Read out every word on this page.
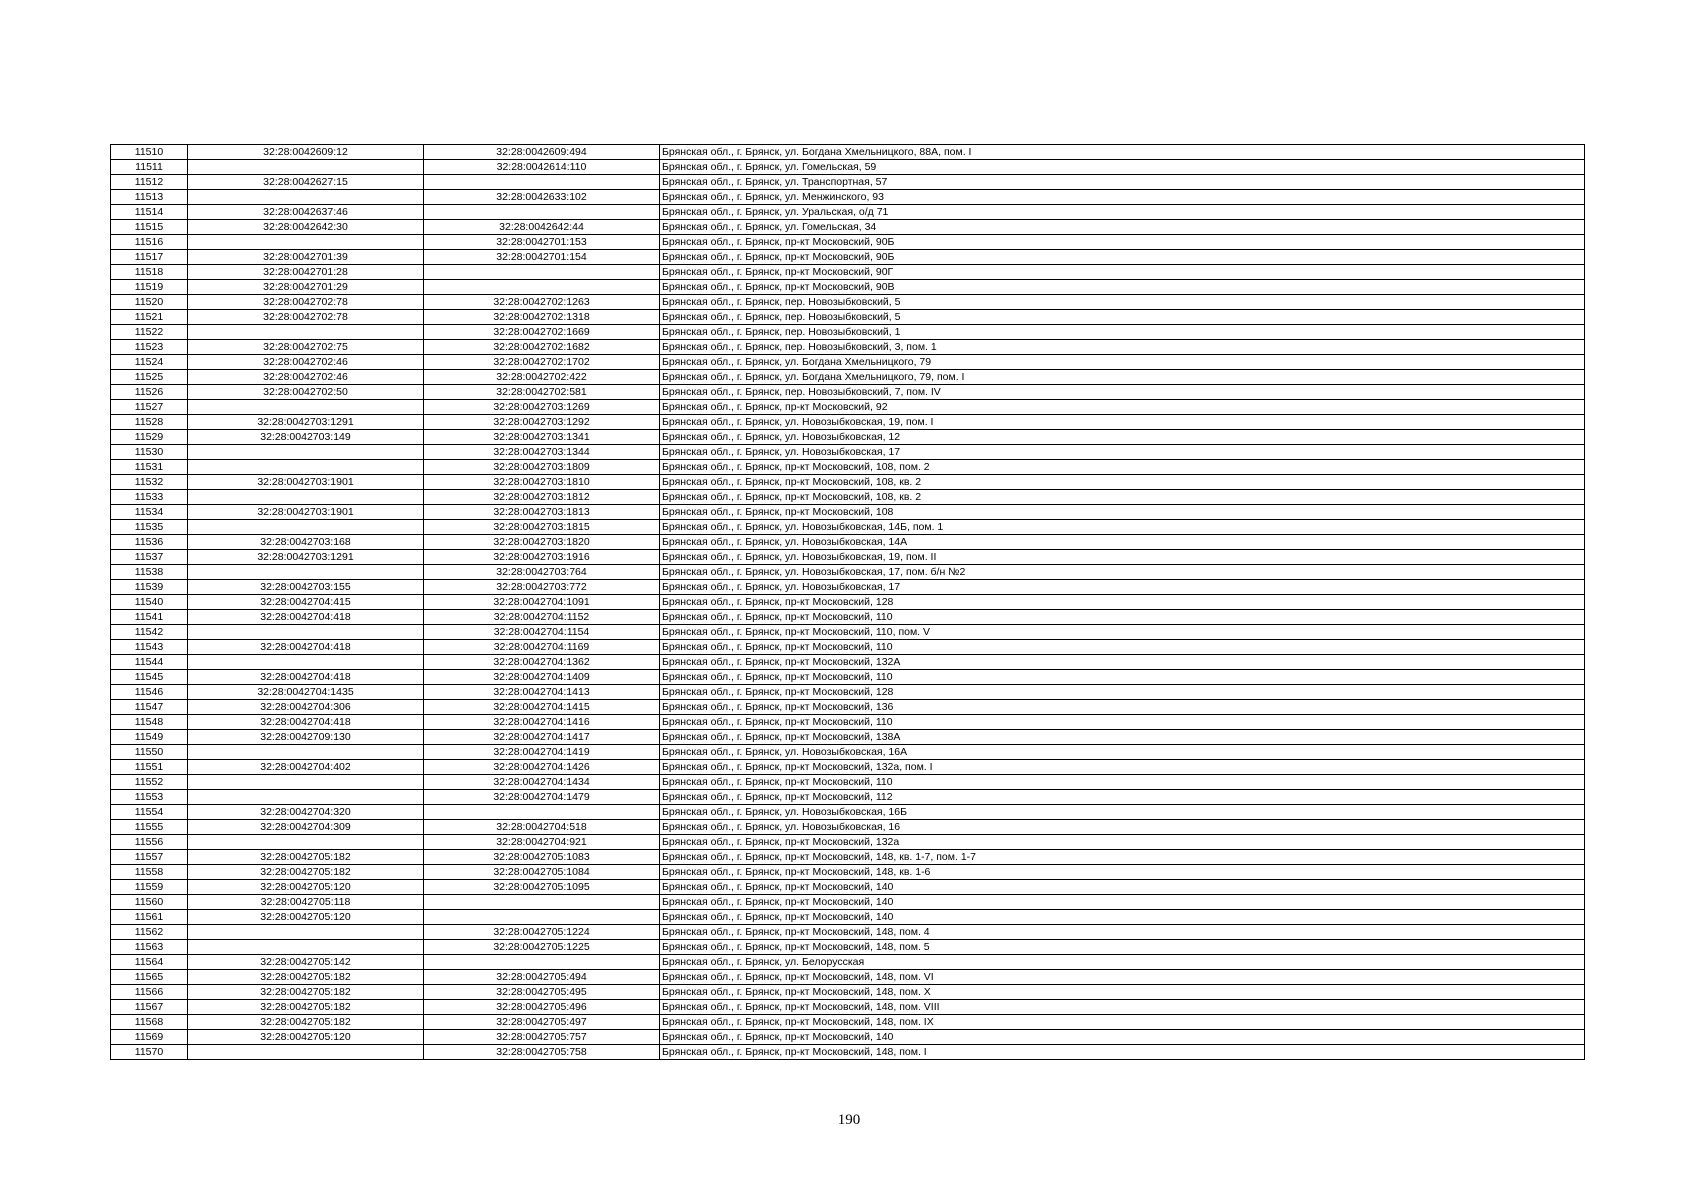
11510	32:28:0042609:12	32:28:0042609:494	Брянская обл., г. Брянск, ул. Богдана Хмельницкого, 88А, пом. I
11511		32:28:0042614:110	Брянская обл., г. Брянск, ул. Гомельская, 59
11512	32:28:0042627:15		Брянская обл., г. Брянск, ул. Транспортная, 57
11513		32:28:0042633:102	Брянская обл., г. Брянск, ул. Менжинского, 93
11514	32:28:0042637:46		Брянская обл., г. Брянск, ул. Уральская, о/д 71
11515	32:28:0042642:30	32:28:0042642:44	Брянская обл., г. Брянск, ул. Гомельская, 34
11516		32:28:0042701:153	Брянская обл., г. Брянск, пр-кт Московский, 90Б
11517	32:28:0042701:39	32:28:0042701:154	Брянская обл., г. Брянск, пр-кт Московский, 90Б
11518	32:28:0042701:28		Брянская обл., г. Брянск, пр-кт Московский, 90Г
11519	32:28:0042701:29		Брянская обл., г. Брянск, пр-кт Московский, 90В
11520	32:28:0042702:78	32:28:0042702:1263	Брянская обл., г. Брянск, пер. Новозыбковский, 5
11521	32:28:0042702:78	32:28:0042702:1318	Брянская обл., г. Брянск, пер. Новозыбковский, 5
11522		32:28:0042702:1669	Брянская обл., г. Брянск, пер. Новозыбковский, 1
11523	32:28:0042702:75	32:28:0042702:1682	Брянская обл., г. Брянск, пер. Новозыбковский, 3, пом. 1
11524	32:28:0042702:46	32:28:0042702:1702	Брянская обл., г. Брянск, ул. Богдана Хмельницкого, 79
11525	32:28:0042702:46	32:28:0042702:422	Брянская обл., г. Брянск, ул. Богдана Хмельницкого, 79, пом. I
11526	32:28:0042702:50	32:28:0042702:581	Брянская обл., г. Брянск, пер. Новозыбковский, 7, пом. IV
11527		32:28:0042703:1269	Брянская обл., г. Брянск, пр-кт Московский, 92
11528	32:28:0042703:1291	32:28:0042703:1292	Брянская обл., г. Брянск, ул. Новозыбковская, 19, пом. I
11529	32:28:0042703:149	32:28:0042703:1341	Брянская обл., г. Брянск, ул. Новозыбковская, 12
11530		32:28:0042703:1344	Брянская обл., г. Брянск, ул. Новозыбковская, 17
11531		32:28:0042703:1809	Брянская обл., г. Брянск, пр-кт Московский, 108, пом. 2
11532	32:28:0042703:1901	32:28:0042703:1810	Брянская обл., г. Брянск, пр-кт Московский, 108, кв. 2
11533		32:28:0042703:1812	Брянская обл., г. Брянск, пр-кт Московский, 108, кв. 2
11534	32:28:0042703:1901	32:28:0042703:1813	Брянская обл., г. Брянск, пр-кт Московский, 108
11535		32:28:0042703:1815	Брянская обл., г. Брянск, ул. Новозыбковская, 14Б, пом. 1
11536	32:28:0042703:168	32:28:0042703:1820	Брянская обл., г. Брянск, ул. Новозыбковская, 14А
11537	32:28:0042703:1291	32:28:0042703:1916	Брянская обл., г. Брянск, ул. Новозыбковская, 19, пом. II
11538		32:28:0042703:764	Брянская обл., г. Брянск, ул. Новозыбковская, 17, пом. б/н №2
11539	32:28:0042703:155	32:28:0042703:772	Брянская обл., г. Брянск, ул. Новозыбковская, 17
11540	32:28:0042704:415	32:28:0042704:1091	Брянская обл., г. Брянск, пр-кт Московский, 128
11541	32:28:0042704:418	32:28:0042704:1152	Брянская обл., г. Брянск, пр-кт Московский, 110
11542		32:28:0042704:1154	Брянская обл., г. Брянск, пр-кт Московский, 110, пом. V
11543	32:28:0042704:418	32:28:0042704:1169	Брянская обл., г. Брянск, пр-кт Московский, 110
11544		32:28:0042704:1362	Брянская обл., г. Брянск, пр-кт Московский, 132А
11545	32:28:0042704:418	32:28:0042704:1409	Брянская обл., г. Брянск, пр-кт Московский, 110
11546	32:28:0042704:1435	32:28:0042704:1413	Брянская обл., г. Брянск, пр-кт Московский, 128
11547	32:28:0042704:306	32:28:0042704:1415	Брянская обл., г. Брянск, пр-кт Московский, 136
11548	32:28:0042704:418	32:28:0042704:1416	Брянская обл., г. Брянск, пр-кт Московский, 110
11549	32:28:0042709:130	32:28:0042704:1417	Брянская обл., г. Брянск, пр-кт Московский, 138А
11550		32:28:0042704:1419	Брянская обл., г. Брянск, ул. Новозыбковская, 16А
11551	32:28:0042704:402	32:28:0042704:1426	Брянская обл., г. Брянск, пр-кт Московский, 132а, пом. I
11552		32:28:0042704:1434	Брянская обл., г. Брянск, пр-кт Московский, 110
11553		32:28:0042704:1479	Брянская обл., г. Брянск, пр-кт Московский, 112
11554	32:28:0042704:320		Брянская обл., г. Брянск, ул. Новозыбковская, 16Б
11555	32:28:0042704:309	32:28:0042704:518	Брянская обл., г. Брянск, ул. Новозыбковская, 16
11556		32:28:0042704:921	Брянская обл., г. Брянск, пр-кт Московский, 132а
11557	32:28:0042705:182	32:28:0042705:1083	Брянская обл., г. Брянск, пр-кт Московский, 148, кв. 1-7, пом. 1-7
11558	32:28:0042705:182	32:28:0042705:1084	Брянская обл., г. Брянск, пр-кт Московский, 148, кв. 1-6
11559	32:28:0042705:120	32:28:0042705:1095	Брянская обл., г. Брянск, пр-кт Московский, 140
11560	32:28:0042705:118		Брянская обл., г. Брянск, пр-кт Московский, 140
11561	32:28:0042705:120		Брянская обл., г. Брянск, пр-кт Московский, 140
11562		32:28:0042705:1224	Брянская обл., г. Брянск, пр-кт Московский, 148, пом. 4
11563		32:28:0042705:1225	Брянская обл., г. Брянск, пр-кт Московский, 148, пом. 5
11564	32:28:0042705:142		Брянская обл., г. Брянск, ул. Белорусская
11565	32:28:0042705:182	32:28:0042705:494	Брянская обл., г. Брянск, пр-кт Московский, 148, пом. VI
11566	32:28:0042705:182	32:28:0042705:495	Брянская обл., г. Брянск, пр-кт Московский, 148, пом. X
11567	32:28:0042705:182	32:28:0042705:496	Брянская обл., г. Брянск, пр-кт Московский, 148, пом. VIII
11568	32:28:0042705:182	32:28:0042705:497	Брянская обл., г. Брянск, пр-кт Московский, 148, пом. IX
11569	32:28:0042705:120	32:28:0042705:757	Брянская обл., г. Брянск, пр-кт Московский, 140
11570		32:28:0042705:758	Брянская обл., г. Брянск, пр-кт Московский, 148, пом. I
190
